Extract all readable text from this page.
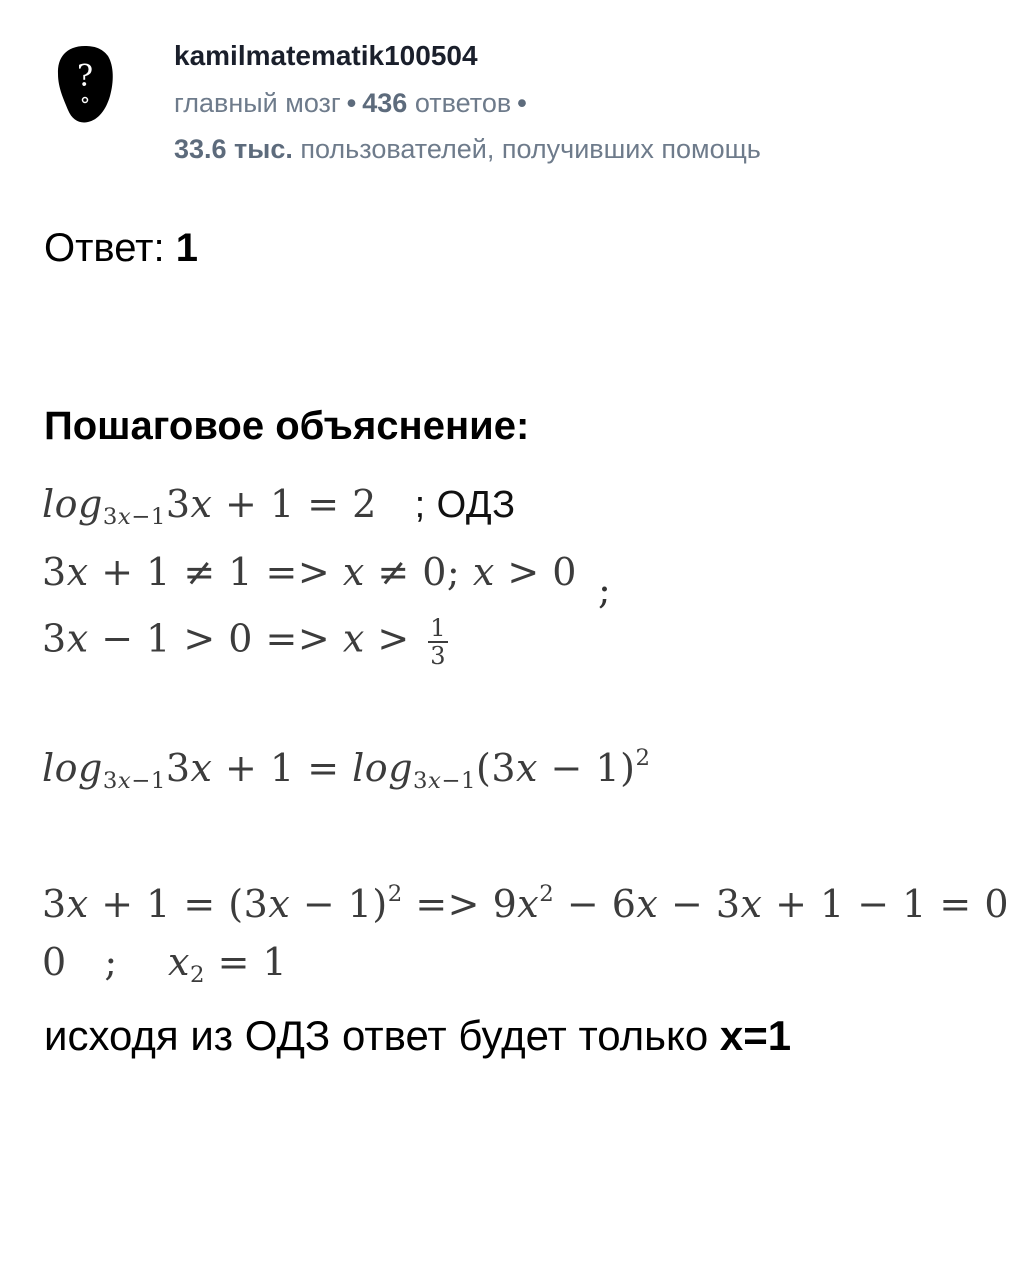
?
kamilmatematik100504
главный мозг • 436 ответов •
33.6 тыс. пользователей, получивших помощь
Ответ: 1
Пошаговое объяснение:
$\log_{3x-1}3x + 1 = 2$   ; ОДЗ
3x + 1 ≠ 1 => x ≠ 0; x > 0 ;
$3x - 1 > 0 => x > \frac{1}{3}$
$\log_{3x-1}3x + 1 = \log_{3x-1}(3x - 1)^2$
$3x + 1 = (3x - 1)^2 => 9x^2 - 6x - 3x + 1 - 1 = 0$
0   ;    $x_2 = 1$
исходя из ОДЗ ответ будет только x=1
